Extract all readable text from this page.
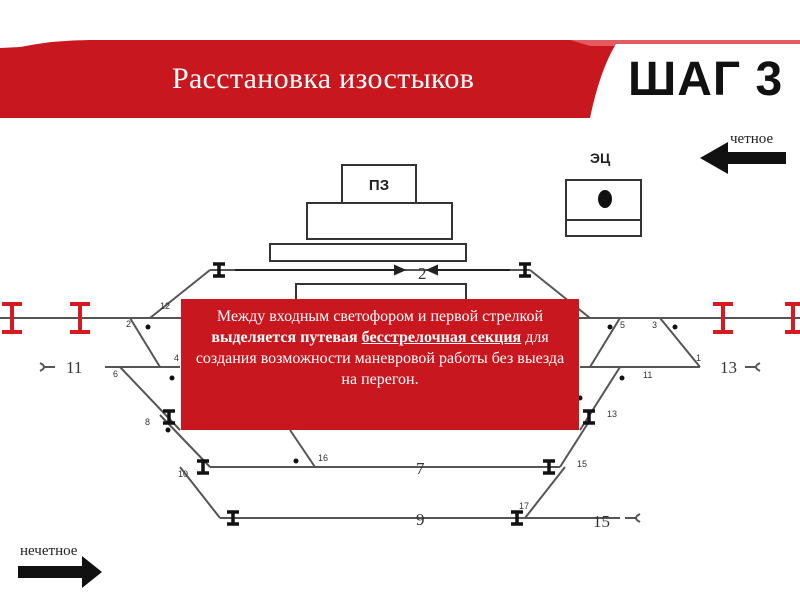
Расстановка изостыков	ШАГ 3
четное
нечетное
ЭЦ
ПЗ
2
11	13
7
9	15
12
2
4
6
8
10
16
5	3
1
11
13
15
17
Между входным светофором и первой стрелкой выделяется путевая бесстрелочная секция для создания возможности маневровой работы без выезда на перегон.
